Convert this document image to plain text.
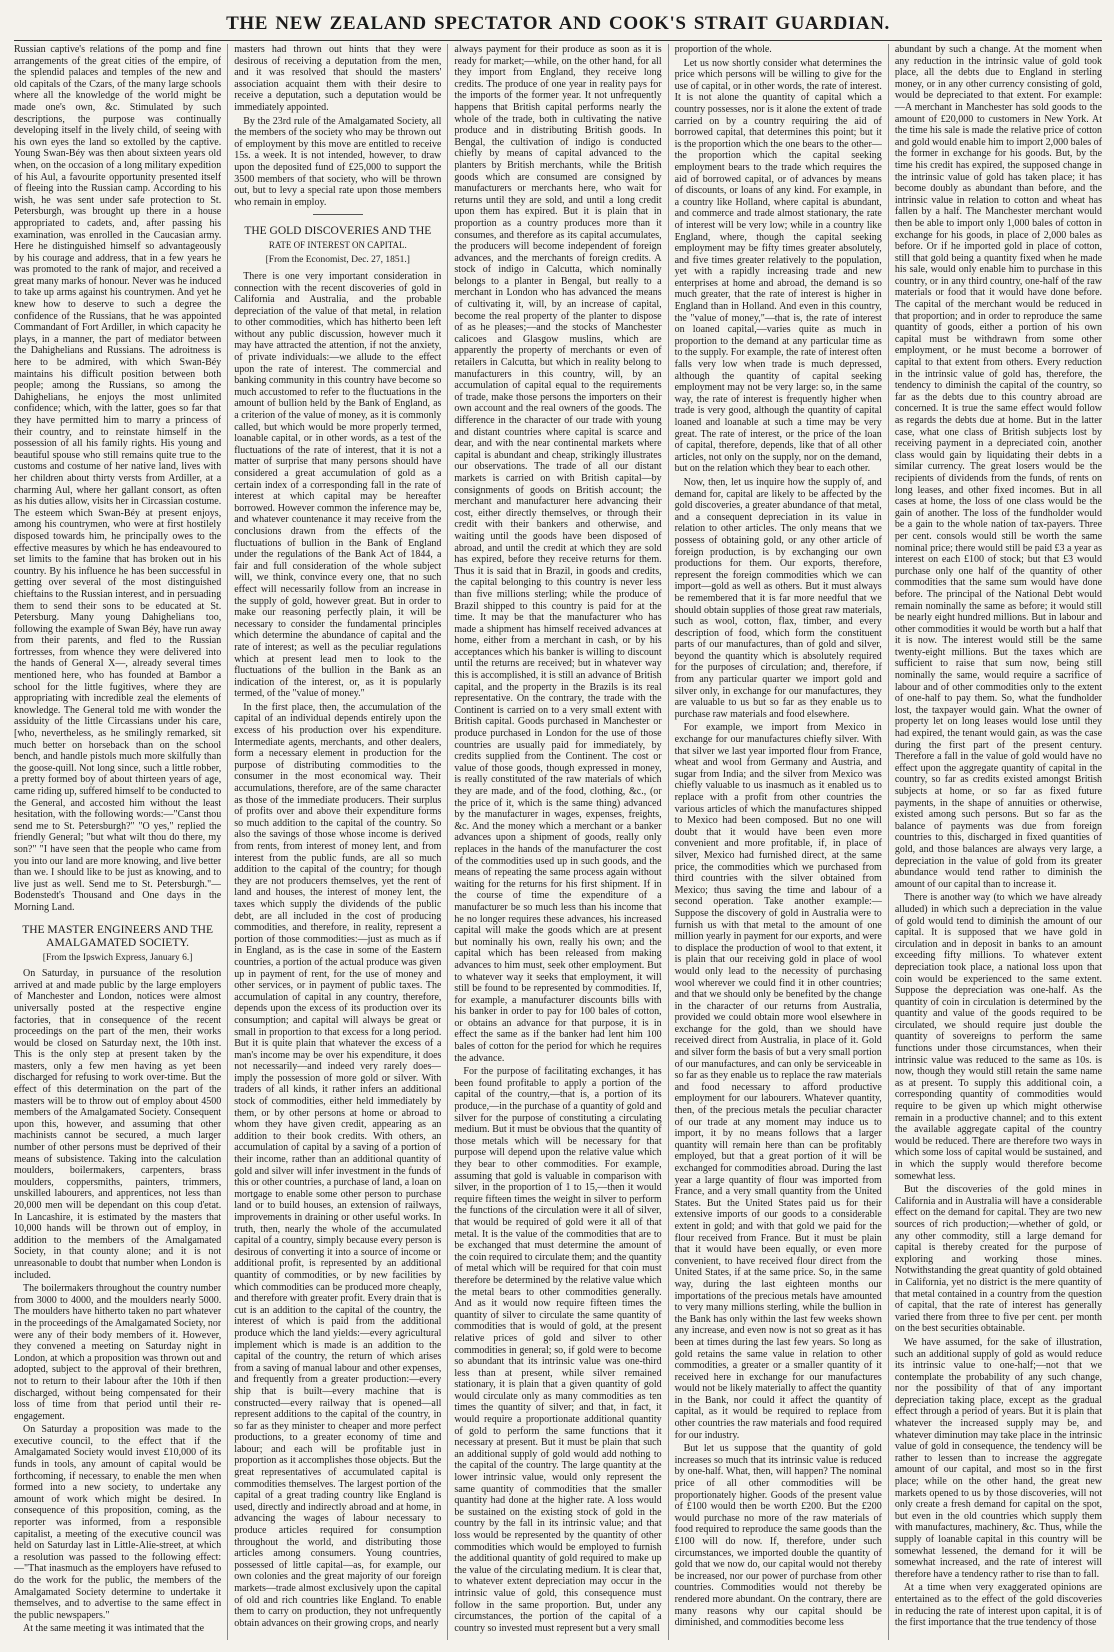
THE NEW ZEALAND SPECTATOR AND COOK'S STRAIT GUARDIAN.

Russian captive's relations of the pomp and fine arrangements of the great cities of the empire, of the splendid palaces and temples of the new and old capitals of the Czars, of the many large schools where all the knowledge of the world might be made one's own, &c. Stimulated by such descriptions, the purpose was continually developing itself in the lively child, of seeing with his own eyes the land so extolled by the captive. Young Swan-Béy was then about sixteen years old when, on the occasion of a long military expedition of his Aul, a favourite opportunity presented itself of fleeing into the Russian camp. According to his wish, he was sent under safe protection to St. Petersburgh, was brought up there in a house appropriated to cadets, and, after passing his examination, was enrolled in the Caucasian army. Here he distinguished himself so advantageously by his courage and address, that in a few years he was promoted to the rank of major, and received a great many marks of honour. Never was he induced to take up arms against his countrymen. And yet he knew how to deserve to such a degree the confidence of the Russians, that he was appointed Commandant of Fort Ardiller, in which capacity he plays, in a manner, the part of mediator between the Dahighelians and Russians. The adroitness is here to be admired, with which Swan-Béy maintains his difficult position between both people; among the Russians, so among the Dahighelians, he enjoys the most unlimited confidence; which, with the latter, goes so far that they have permitted him to marry a princess of their country, and to reinstate himself in the possession of all his family rights. His young and beautiful spouse who still remains quite true to the customs and costume of her native land, lives with her children about thirty versts from Ardiller, at a charming Aul, where her gallant consort, as often as his duties allow, visits her in Circassian costume. The esteem which Swan-Béy at present enjoys, among his countrymen, who were at first hostilely disposed towards him, he principally owes to the effective measures by which he has endeavoured to set limits to the famine that has broken out in his country. By his influence he has been successful in getting over several of the most distinguished chieftains to the Russian interest, and in persuading them to send their sons to be educated at St. Petersburg. Many young Dahighelians too, following the example of Swan Béy, have run away from their parents, and fled to the Russian fortresses, from whence they were delivered into the hands of General X—, already several times mentioned here, who has founded at Bambor a school for the little fugitives, where they are appropriating with incredible zeal the elements of knowledge. The General told me with wonder the assiduity of the little Circassians under his care, [who, nevertheless, as he smilingly remarked, sit much better on horseback than on the school bench, and handle pistols much more skilfully than the goose-quill. Not long since, such a little robber, a pretty formed boy of about thirteen years of age, came riding up, suffered himself to be conducted to the General, and accosted him without the least hesitation, with the following words:—"Canst thou send me to St. Petersburgh?" "O yes," replied the friendly General; "but what wilt thou do there, my son?" "I have seen that the people who came from you into our land are more knowing, and live better than we. I should like to be just as knowing, and to live just as well. Send me to St. Petersburgh."—Bodenstedt's Thousand and One days in the Morning Land.

THE MASTER ENGINEERS AND THE AMALGAMATED SOCIETY.
[From the Ipswich Express, January 6.]

On Saturday, in pursuance of the resolution arrived at and made public by the large employers of Manchester and London, notices were almost universally posted at the respective engine factories, that in consequence of the recent proceedings on the part of the men, their works would be closed on Saturday next, the 10th inst. This is the only step at present taken by the masters, only a few men having as yet been discharged for refusing to work over-time. But the effect of this determination on the part of the masters will be to throw out of employ about 4500 members of the Amalgamated Society. Consequent upon this, however, and assuming that other machinists cannot be secured, a much larger number of other persons must be deprived of their means of subsistence. Taking into the calculation moulders, boilermakers, carpenters, brass moulders, coppersmiths, painters, trimmers, unskilled labourers, and apprentices, not less than 20,000 men will be dependant on this coup d'etat. In Lancashire, it is estimated by the masters that 10,000 hands will be thrown out of employ, in addition to the members of the Amalgamated Society, in that county alone; and it is not unreasonable to doubt that number when London is included.

The boilermakers throughout the country number from 3000 to 4000, and the moulders nearly 5000. The moulders have hitherto taken no part whatever in the proceedings of the Amalgamated Society, nor were any of their body members of it. However, they convened a meeting on Saturday night in London, at which a proposition was thrown out and adopted, subject to the approval of their brethren, not to return to their labour after the 10th if then discharged, without being compensated for their loss of time from that period until their re-engagement.

On Saturday a proposition was made to the executive council, to the effect that if the Amalgamated Society would invest £10,000 of its funds in tools, any amount of capital would be forthcoming, if necessary, to enable the men when formed into a new society, to undertake any amount of work which might be desired. In consequence of this proposition, coming, as the reporter was informed, from a responsible capitalist, a meeting of the executive council was held on Saturday last in Little-Alie-street, at which a resolution was passed to the following effect:—"That inasmuch as the employers have refused to do the work for the public, the members of the Amalgamated Society determine to undertake it themselves, and to advertise to the same effect in the public newspapers."

At the same meeting it was intimated that the

masters had thrown out hints that they were desirous of receiving a deputation from the men, and it was resolved that should the masters' association acquaint them with their desire to receive a deputation, such a deputation would be immediately appointed.

By the 23rd rule of the Amalgamated Society, all the members of the society who may be thrown out of employment by this move are entitled to receive 15s. a week. It is not intended, however, to draw upon the deposited fund of £25,000 to support the 3500 members of that society, who will be thrown out, but to levy a special rate upon those members who remain in employ.

THE GOLD DISCOVERIES AND THE
RATE OF INTEREST ON CAPITAL.
[From the Economist, Dec. 27, 1851.]

There is one very important consideration in connection with the recent discoveries of gold in California and Australia, and the probable depreciation of the value of that metal, in relation to other commodities, which has hitherto been left without any public discussion, however much it may have attracted the attention, if not the anxiety, of private individuals:—we allude to the effect upon the rate of interest. The commercial and banking community in this country have become so much accustomed to refer to the fluctuations in the amount of bullion held by the Bank of England, as a criterion of the value of money, as it is commonly called, but which would be more properly termed, loanable capital, or in other words, as a test of the fluctuations of the rate of interest, that it is not a matter of surprise that many persons should have considered a great accumulation of gold as a certain index of a corresponding fall in the rate of interest at which capital may be hereafter borrowed. However common the inference may be, and whatever countenance it may receive from the conclusions drawn from the effects of the fluctuations of bullion in the Bank of England under the regulations of the Bank Act of 1844, a fair and full consideration of the whole subject will, we think, convince every one, that no such effect will necessarily follow from an increase in the supply of gold, however great. But in order to make our reasoning perfectly plain, it will be necessary to consider the fundamental principles which determine the abundance of capital and the rate of interest; as well as the peculiar regulations which at present lead men to look to the fluctuations of the bullion in the Bank as an indication of the interest, or, as it is popularly termed, of the "value of money."

In the first place, then, the accumulation of the capital of an individual depends entirely upon the excess of his production over his expenditure. Intermediate agents, merchants, and other dealers, form a necessary element in production for the purpose of distributing commodities to the consumer in the most economical way. Their accumulations, therefore, are of the same character as those of the immediate producers. Their surplus of profits over and above their expenditure forms so much addition to the capital of the country. So also the savings of those whose income is derived from rents, from interest of money lent, and from interest from the public funds, are all so much addition to the capital of the country; for though they are not producers themselves, yet the rent of land and houses, the interest of money lent, the taxes which supply the dividends of the public debt, are all included in the cost of producing commodities, and therefore, in reality, represent a portion of those commodities:—just as much as if in England, as is the case in some of the Eastern countries, a portion of the actual produce was given up in payment of rent, for the use of money and other services, or in payment of public taxes. The accumulation of capital in any country, therefore, depends upon the excess of its production over its consumption; and capital will always be great or small in proportion to that excess for a long period. But it is quite plain that whatever the excess of a man's income may be over his expenditure, it does not necessarily—and indeed very rarely does—imply the possession of more gold or silver. With traders of all kinds, it rather infers an additional stock of commodities, either held immediately by them, or by other persons at home or abroad to whom they have given credit, appearing as an addition to their book credits. With others, an accumulation of capital by a saving of a portion of their income, rather than an additional quantity of gold and silver will infer investment in the funds of this or other countries, a purchase of land, a loan on mortgage to enable some other person to purchase land or to build houses, an extension of railways, improvements in draining or other useful works. In truth, then, nearly the whole of the accumulated capital of a country, simply because every person is desirous of converting it into a source of income or additional profit, is represented by an additional quantity of commodities, or by new facilities by which commodities can be produced more cheaply, and therefore with greater profit. Every drain that is cut is an addition to the capital of the country, the interest of which is paid from the additional produce which the land yields:—every agricultural implement which is made is an addition to the capital of the country, the return of which arises from a saving of manual labour and other expenses, and frequently from a greater production:—every ship that is built—every machine that is constructed—every railway that is opened—all represent additions to the capital of the country, in so far as they minister to cheaper and more perfect productions, to a greater economy of time and labour; and each will be profitable just in proportion as it accomplishes those objects. But the great representatives of accumulated capital is commodities themselves. The largest portion of the capital of a great trading country like England is used, directly and indirectly abroad and at home, in advancing the wages of labour necessary to produce articles required for consumption throughout the world, and distributing those articles among consumers. Young countries, possessed of little capital—as, for example, our own colonies and the great majority of our foreign markets—trade almost exclusively upon the capital of old and rich countries like England. To enable them to carry on production, they not unfrequently obtain advances on their growing crops, and nearly

always payment for their produce as soon as it is ready for market;—while, on the other hand, for all they import from England, they receive long credits. The produce of one year in reality pays for the imports of the former year. It not unfrequently happens that British capital performs nearly the whole of the trade, both in cultivating the native produce and in distributing British goods. In Bengal, the cultivation of indigo is conducted chiefly by means of capital advanced to the planters by British merchants, while the British goods which are consumed are consigned by manufacturers or merchants here, who wait for returns until they are sold, and until a long credit upon them has expired. But it is plain that in proportion as a country produces more than it consumes, and therefore as its capital accumulates, the producers will become independent of foreign advances, and the merchants of foreign credits. A stock of indigo in Calcutta, which nominally belongs to a planter in Bengal, but really to a merchant in London who has advanced the means of cultivating it, will, by an increase of capital, become the real property of the planter to dispose of as he pleases;—and the stocks of Manchester calicoes and Glasgow muslins, which are apparently the property of merchants or even of retailers in Calcutta, but which in reality belong to manufacturers in this country, will, by an accumulation of capital equal to the requirements of trade, make those persons the importers on their own account and the real owners of the goods. The difference in the character of our trade with young and distant countries where capital is scarce and dear, and with the near continental markets where capital is abundant and cheap, strikingly illustrates our observations. The trade of all our distant markets is carried on with British capital—by consignments of goods on British account; the merchant and manufacturer here advancing their cost, either directly themselves, or through their credit with their bankers and otherwise, and waiting until the goods have been disposed of abroad, and until the credit at which they are sold has expired, before they receive returns for them. Thus it is said that in Brazil, in goods and credits, the capital belonging to this country is never less than five millions sterling; while the produce of Brazil shipped to this country is paid for at the time. It may be that the manufacturer who has made a shipment has himself received advances at home, either from a merchant in cash, or by his acceptances which his banker is willing to discount until the returns are received; but in whatever way this is accomplished, it is still an advance of British capital, and the property in the Brazils is its real representative. On the contrary, the trade with the Continent is carried on to a very small extent with British capital. Goods purchased in Manchester or produce purchased in London for the use of those countries are usually paid for immediately, by credits supplied from the Continent. The cost or value of those goods, though expressed in money, is really constituted of the raw materials of which they are made, and of the food, clothing, &c., (or the price of it, which is the same thing) advanced by the manufacturer in wages, expenses, freights, &c. And the money which a merchant or a banker advances upon a shipment of goods, really only replaces in the hands of the manufacturer the cost of the commodities used up in such goods, and the means of repeating the same process again without waiting for the returns for his first shipment. If in the course of time the expenditure of a manufacturer be so much less than his income that he no longer requires these advances, his increased capital will make the goods which are at present but nominally his own, really his own; and the capital which has been released from making advances to him must, seek other employment. But to whatever way it seeks that employment, it will still be found to be represented by commodities. If, for example, a manufacturer discounts bills with his banker in order to pay for 100 bales of cotton, or obtains an advance for that purpose, it is in effect the same as if the banker had lent him 100 bales of cotton for the period for which he requires the advance.

For the purpose of facilitating exchanges, it has been found profitable to apply a portion of the capital of the country,—that is, a portion of its produce,—in the purchase of a quantity of gold and silver for the purpose of constituting a circulating medium. But it must be obvious that the quantity of those metals which will be necessary for that purpose will depend upon the relative value which they bear to other commodities. For example, assuming that gold is valuable in comparison with silver, in the proportion of 1 to 15,—then it would require fifteen times the weight in silver to perform the functions of the circulation were it all of silver, that would be required of gold were it all of that metal. It is the value of the commodities that are to be exchanged that must determine the amount of the coin required to circulate them; and the quantity of metal which will be required for that coin must therefore be determined by the relative value which the metal bears to other commodities generally. And as it would now require fifteen times the quantity of silver to circulate the same quantity of commodities that is would of gold, at the present relative prices of gold and silver to other commodities in general; so, if gold were to become so abundant that its intrinsic value was one-third less than at present, while silver remained stationary, it is plain that a given quantity of gold would circulate only as many commodities as ten times the quantity of silver; and that, in fact, it would require a proportionate additional quantity of gold to perform the same functions that it necessary at present. But it must be plain that such an additional supply of gold would add nothing to the capital of the country. The large quantity at the lower intrinsic value, would only represent the same quantity of commodities that the smaller quantity had done at the higher rate. A loss would be sustained on the existing stock of gold in the country by the fall in its intrinsic value; and that loss would be represented by the quantity of other commodities which would be employed to furnish the additional quantity of gold required to make up the value of the circulating medium. It is clear that, to whatever extent depreciation may occur in the intrinsic value of gold, this consequence must follow in the same proportion. But, under any circumstances, the portion of the capital of a country so invested must represent but a very small

proportion of the whole.

Let us now shortly consider what determines the price which persons will be willing to give for the use of capital, or in other words, the rate of interest. It is not alone the quantity of capital which a country possesses, nor is it alone the extent of trade carried on by a country requiring the aid of borrowed capital, that determines this point; but it is the proportion which the one bears to the other—the proportion which the capital seeking employment bears to the trade which requires the aid of borrowed capital, or of advances by means of discounts, or loans of any kind. For example, in a country like Holland, where capital is abundant, and commerce and trade almost stationary, the rate of interest will be very low; while in a country like England, where, though the capital seeking employment may be fifty times greater absolutely, and five times greater relatively to the population, yet with a rapidly increasing trade and new enterprises at home and abroad, the demand is so much greater, that the rate of interest is higher in England than in Holland. And even in this country, the "value of money,"—that is, the rate of interest on loaned capital,—varies quite as much in proportion to the demand at any particular time as to the supply. For example, the rate of interest often falls very low when trade is much depressed, although the quantity of capital seeking employment may not be very large: so, in the same way, the rate of interest is frequently higher when trade is very good, although the quantity of capital loaned and loanable at such a time may be very great. The rate of interest, or the price of the loan of capital, therefore, depends, like that of all other articles, not only on the supply, nor on the demand, but on the relation which they bear to each other.

Now, then, let us inquire how the supply of, and demand for, capital are likely to be affected by the gold discoveries, a greater abundance of that metal, and a consequent depreciation in its value in relation to other articles. The only means that we possess of obtaining gold, or any other article of foreign production, is by exchanging our own productions for them. Our exports, therefore, represent the foreign commodities which we can import—gold as well as others. But it must always be remembered that it is far more needful that we should obtain supplies of those great raw materials, such as wool, cotton, flax, timber, and every description of food, which form the constituent parts of our manufactures, than of gold and silver, beyond the quantity which is absolutely required for the purposes of circulation; and, therefore, if from any particular quarter we import gold and silver only, in exchange for our manufactures, they are valuable to us but so far as they enable us to purchase raw materials and food elsewhere.

For example, we import from Mexico in exchange for our manufactures chiefly silver. With that silver we last year imported flour from France, wheat and wool from Germany and Austria, and sugar from India; and the silver from Mexico was chiefly valuable to us inasmuch as it enabled us to replace with a profit from other countries the various articles of which the manufactures shipped to Mexico had been composed. But no one will doubt that it would have been even more convenient and more profitable, if, in place of silver, Mexico had furnished direct, at the same price, the commodities which we purchased from third countries with the silver obtained from Mexico; thus saving the time and labour of a second operation. Take another example:—Suppose the discovery of gold in Australia were to furnish us with that metal to the amount of one million yearly in payment for our exports, and were to displace the production of wool to that extent, it is plain that our receiving gold in place of wool would only lead to the necessity of purchasing wool wherever we could find it in other countries; and that we should only be benefited by the change in the character of our returns from Australia, provided we could obtain more wool elsewhere in exchange for the gold, than we should have received direct from Australia, in place of it. Gold and silver form the basis of but a very small portion of our manufactures, and can only be serviceable in so far as they enable us to replace the raw materials and food necessary to afford productive employment for our labourers. Whatever quantity, then, of the precious metals the peculiar character of our trade at any moment may induce us to import, it by no means follows that a larger quantity will remain here than can be profitably employed, but that a great portion of it will be exchanged for commodities abroad. During the last year a large quantity of flour was imported from France, and a very small quantity from the United States. But the United States paid us for their extensive imports of our goods to a considerable extent in gold; and with that gold we paid for the flour received from France. But it must be plain that it would have been equally, or even more convenient, to have received flour direct from the United States, if at the same price. So, in the same way, during the last eighteen months our importations of the precious metals have amounted to very many millions sterling, while the bullion in the Bank has only within the last few weeks shown any increase, and even now is not so great as it has been at times during the last few years. So long as gold retains the same value in relation to other commodities, a greater or a smaller quantity of it received here in exchange for our manufactures would not be likely materially to affect the quantity in the Bank, nor could it affect the quantity of capital, as it would be required to replace from other countries the raw materials and food required for our industry.

But let us suppose that the quantity of gold increases so much that its intrinsic value is reduced by one-half. What, then, will happen? The nominal price of all other commodities will be proportionately higher. Goods of the present value of £100 would then be worth £200. But the £200 would purchase no more of the raw materials of food required to reproduce the same goods than the £100 will do now. If, therefore, under such circumstances, we imported double the quantity of gold that we now do, our capital would not thereby be increased, nor our power of purchase from other countries. Commodities would not thereby be rendered more abundant. On the contrary, there are many reasons why our capital should be diminished, and commodities become less

abundant by such a change. At the moment when any reduction in the intrinsic value of gold took place, all the debts due to England in sterling money, or in any other currency consisting of gold, would be depreciated to that extent. For example:—A merchant in Manchester has sold goods to the amount of £20,000 to customers in New York. At the time his sale is made the relative price of cotton and gold would enable him to import 2,000 bales of the former in exchange for his goods. But, by the time his credit has expired, the supposed change in the intrinsic value of gold has taken place; it has become doubly as abundant than before, and the intrinsic value in relation to cotton and wheat has fallen by a half. The Manchester merchant would then be able to import only 1,000 bales of cotton in exchange for his goods, in place of 2,000 bales as before. Or if he imported gold in place of cotton, still that gold being a quantity fixed when he made his sale, would only enable him to purchase in this country, or in any third country, one-half of the raw materials or food that it would have done before. The capital of the merchant would be reduced in that proportion; and in order to reproduce the same quantity of goods, either a portion of his own capital must be withdrawn from some other employment, or he must become a borrower of capital to that extent from others. Every reduction in the intrinsic value of gold has, therefore, the tendency to diminish the capital of the country, so far as the debts due to this country abroad are concerned. It is true the same effect would follow as regards the debts due at home. But in the latter case, what one class of British subjects lost by receiving payment in a depreciated coin, another class would gain by liquidating their debts in a similar currency. The great losers would be the recipients of dividends from the funds, of rents on long leases, and other fixed incomes. But in all cases at home, the loss of one class would be the gain of another. The loss of the fundholder would be a gain to the whole nation of tax-payers. Three per cent. consols would still be worth the same nominal price; there would still be paid £3 a year as interest on each £100 of stock; but that £3 would purchase only one half of the quantity of other commodities that the same sum would have done before. The principal of the National Debt would remain nominally the same as before; it would still be nearly eight hundred millions. But in labour and other commodities it would be worth but a half that it is now. The interest would still be the same twenty-eight millions. But the taxes which are sufficient to raise that sum now, being still nominally the same, would require a sacrifice of labour and of other commodities only to the extent of one-half to pay them. So, what the fundholder lost, the taxpayer would gain. What the owner of property let on long leases would lose until they had expired, the tenant would gain, as was the case during the first part of the present century. Therefore a fall in the value of gold would have no effect upon the aggregate quantity of capital in the country, so far as credits existed amongst British subjects at home, or so far as fixed future payments, in the shape of annuities or otherwise, existed among such persons. But so far as the balance of payments was due from foreign countries to this, discharged in fixed quantities of gold, and those balances are always very large, a depreciation in the value of gold from its greater abundance would tend rather to diminish the amount of our capital than to increase it.

There is another way (to which we have already alluded) in which such a depreciation in the value of gold would tend to diminish the amount of our capital. It is supposed that we have gold in circulation and in deposit in banks to an amount exceeding fifty millions. To whatever extent depreciation took place, a national loss upon that coin would be experienced to the same extent. Suppose the depreciation was one-half. As the quantity of coin in circulation is determined by the quantity and value of the goods required to be circulated, we should require just double the quantity of sovereigns to perform the same functions under those circumstances, when their intrinsic value was reduced to the same as 10s. is now, though they would still retain the same name as at present. To supply this additional coin, a corresponding quantity of commodities would require to be given up which might otherwise remain in a productive channel; and to this extent the available aggregate capital of the country would be reduced. There are therefore two ways in which some loss of capital would be sustained, and in which the supply would therefore become somewhat less.

But the discoveries of the gold mines in California and in Australia will have a considerable effect on the demand for capital. They are two new sources of rich production;—whether of gold, or any other commodity, still a large demand for capital is thereby created for the purpose of exploring and working those mines. Notwithstanding the great quantity of gold obtained in California, yet no district is the mere quantity of that metal contained in a country from the question of capital, that the rate of interest has generally varied there from three to five per cent. per month on the best securities obtainable.

We have assumed, for the sake of illustration, such an additional supply of gold as would reduce its intrinsic value to one-half;—not that we contemplate the probability of any such change, nor the possibility of that of any important depreciation taking place, except as the gradual effect through a period of years. But it is plain that whatever the increased supply may be, and whatever diminution may take place in the intrinsic value of gold in consequence, the tendency will be rather to lessen than to increase the aggregate amount of our capital, and most so in the first place; while on the other hand, the great new markets opened to us by those discoveries, will not only create a fresh demand for capital on the spot, but even in the old countries which supply them with manufactures, machinery, &c. Thus, while the supply of loanable capital in this country will be somewhat lessened, the demand for it will be somewhat increased, and the rate of interest will therefore have a tendency rather to rise than to fall.

At a time when very exaggerated opinions are entertained as to the effect of the gold discoveries in reducing the rate of interest upon capital, it is of the first importance that the true tendency of those
